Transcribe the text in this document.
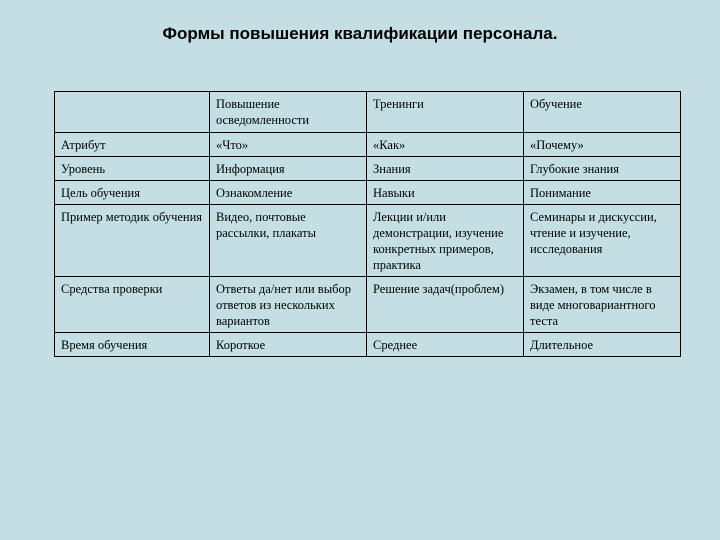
Формы повышения квалификации персонала.
	Повышение осведомленности	Тренинги	Обучение
Атрибут	«Что»	«Как»	«Почему»
Уровень	Информация	Знания	Глубокие знания
Цель обучения	Ознакомление	Навыки	Понимание
Пример методик обучения	Видео, почтовые рассылки, плакаты	Лекции и/или демонстрации, изучение конкретных примеров, практика	Семинары и дискуссии, чтение и изучение, исследования
Средства проверки	Ответы да/нет или выбор ответов из нескольких вариантов	Решение задач(проблем)	Экзамен, в том числе в виде многовариантного теста
Время обучения	Короткое	Среднее	Длительное
